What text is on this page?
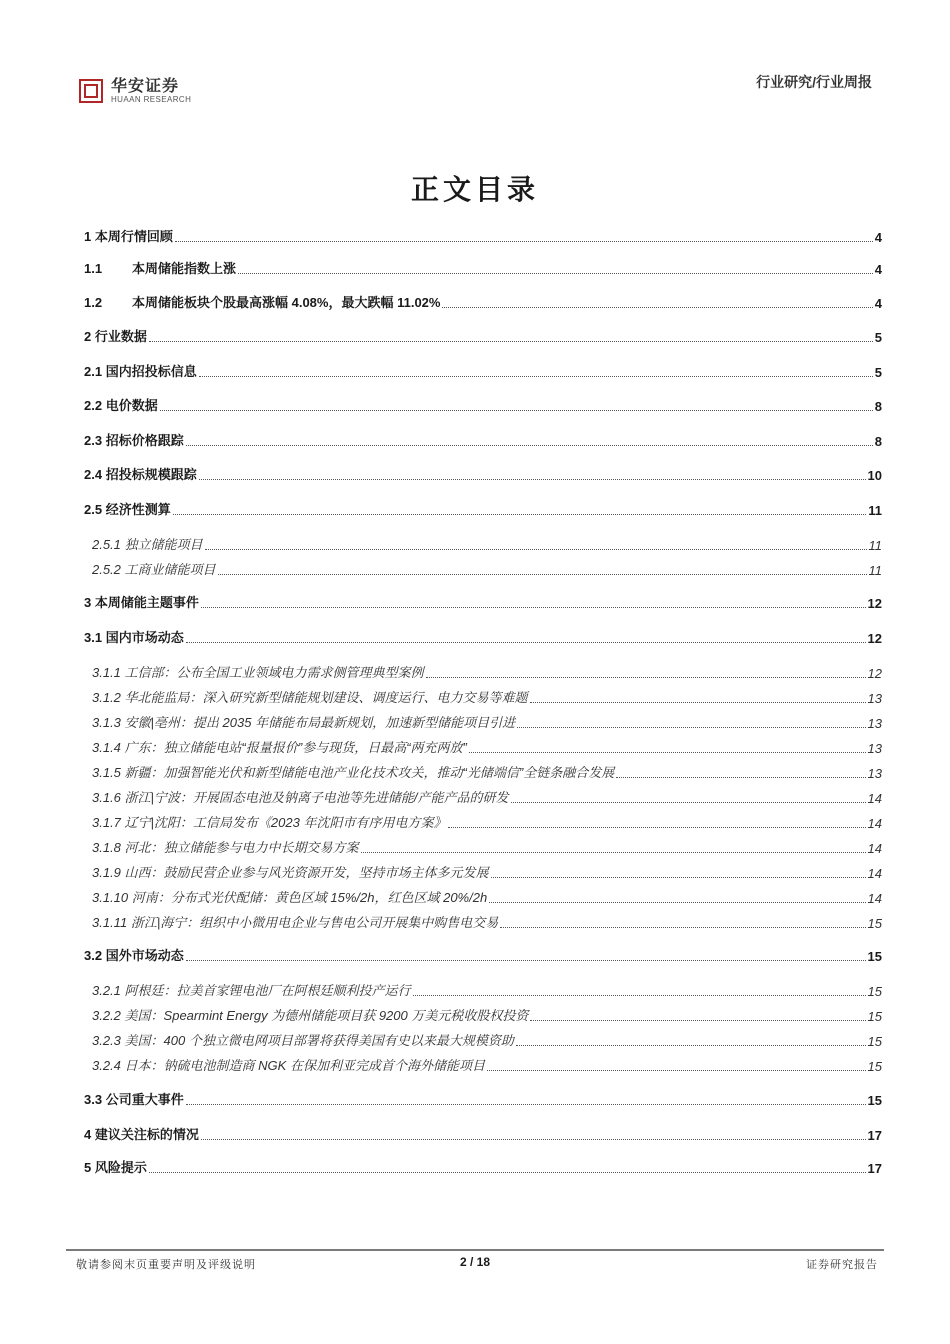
华安证券
HUAAN RESEARCH
行业研究/行业周报
正文目录
1 本周行情回顾	4
1.1 本周储能指数上涨	4
1.2 本周储能板块个股最高涨幅 4.08%，最大跌幅 11.02%	4
2 行业数据	5
2.1 国内招投标信息	5
2.2 电价数据	8
2.3 招标价格跟踪	8
2.4 招投标规模跟踪	10
2.5 经济性测算	11
2.5.1 独立储能项目	11
2.5.2 工商业储能项目	11
3 本周储能主题事件	12
3.1 国内市场动态	12
3.1.1 工信部：公布全国工业领域电力需求侧管理典型案例	12
3.1.2 华北能监局：深入研究新型储能规划建设、调度运行、电力交易等难题	13
3.1.3 安徽|亳州：提出 2035 年储能布局最新规划，加速新型储能项目引进	13
3.1.4 广东：独立储能电站“报量报价”参与现货，日最高“两充两放”	13
3.1.5 新疆：加强智能光伏和新型储能电池产业化技术攻关，推动“光储端信”全链条融合发展	13
3.1.6 浙江|宁波：开展固态电池及钠离子电池等先进储能/产能产品的研发	14
3.1.7 辽宁|沈阳：工信局发布《2023 年沈阳市有序用电方案》	14
3.1.8 河北：独立储能参与电力中长期交易方案	14
3.1.9 山西：鼓励民营企业参与风光资源开发，坚持市场主体多元发展	14
3.1.10 河南：分布式光伏配储：黄色区域 15%/2h，红色区域 20%/2h	14
3.1.11 浙江|海宁：组织中小微用电企业与售电公司开展集中购售电交易	15
3.2 国外市场动态	15
3.2.1 阿根廷：拉美首家锂电池厂在阿根廷顺利投产运行	15
3.2.2 美国：Spearmint Energy 为德州储能项目获 9200 万美元税收股权投资	15
3.2.3 美国：400 个独立微电网项目部署将获得美国有史以来最大规模资助	15
3.2.4 日本：钠硫电池制造商 NGK 在保加利亚完成首个海外储能项目	15
3.3 公司重大事件	15
4 建议关注标的情况	17
5 风险提示	17
敬请参阅末页重要声明及评级说明	2 / 18	证券研究报告
